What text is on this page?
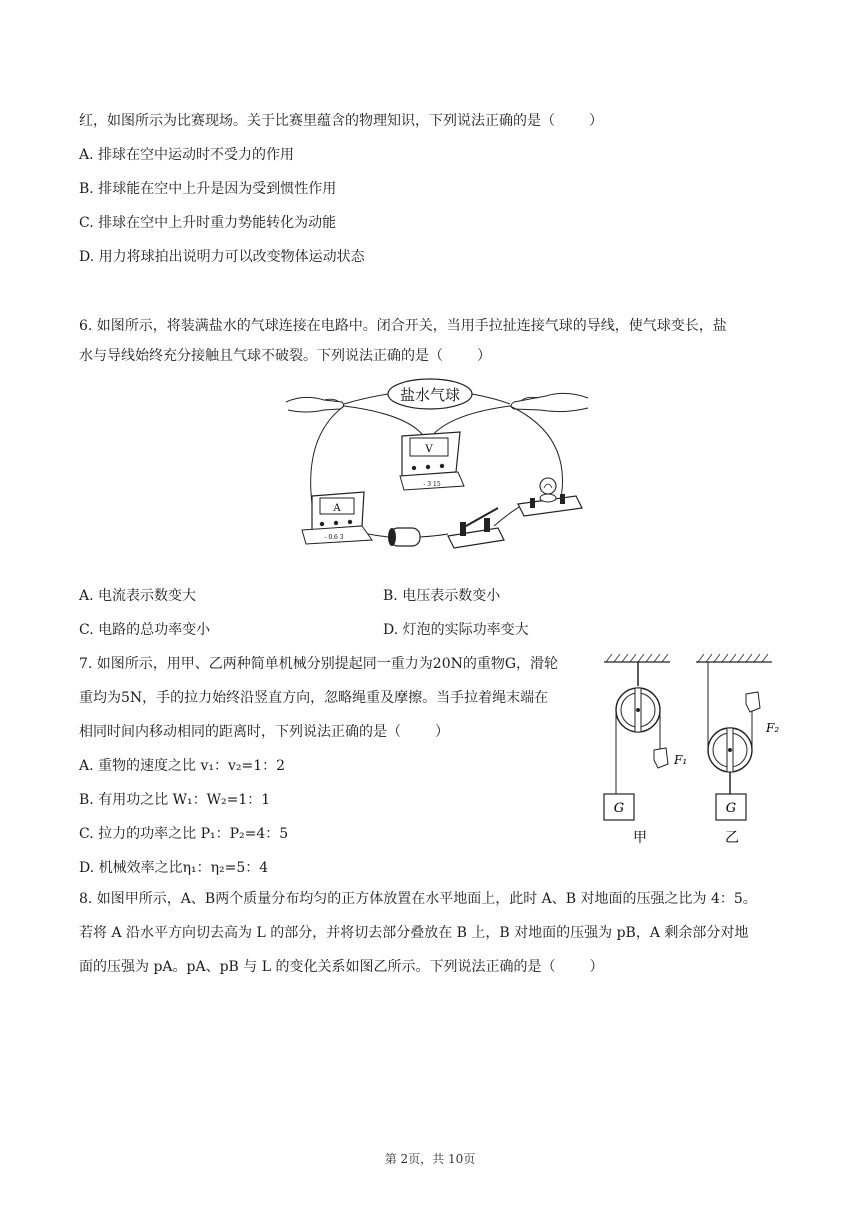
红，如图所示为比赛现场。关于比赛里蕴含的物理知识，下列说法正确的是（ ）
A. 排球在空中运动时不受力的作用
B. 排球能在空中上升是因为受到惯性作用
C. 排球在空中上升时重力势能转化为动能
D. 用力将球拍出说明力可以改变物体运动状态
6. 如图所示，将装满盐水的气球连接在电路中。闭合开关，当用手拉扯连接气球的导线，使气球变长，盐
水与导线始终充分接触且气球不破裂。下列说法正确的是（ ）
盐水气球
V
- 3 15
A
- 0.6 3
A. 电流表示数变大	B. 电压表示数变小
C. 电路的总功率变小	D. 灯泡的实际功率变大
7. 如图所示，用甲、乙两种简单机械分别提起同一重力为20N的重物G，滑轮
重均为5N，手的拉力始终沿竖直方向，忽略绳重及摩擦。当手拉着绳末端在
相同时间内移动相同的距离时，下列说法正确的是（ ）
A. 重物的速度之比 v₁：v₂=1：2
B. 有用功之比 W₁：W₂=1：1
C. 拉力的功率之比 P₁：P₂=4：5
D. 机械效率之比η₁：η₂=5：4
F₁
G
甲
F₂
G
乙
8. 如图甲所示，A、B两个质量分布均匀的正方体放置在水平地面上，此时 A、B 对地面的压强之比为 4：5。
若将 A 沿水平方向切去高为 L 的部分，并将切去部分叠放在 B 上，B 对地面的压强为 pB，A 剩余部分对地
面的压强为 pA。pA、pB 与 L 的变化关系如图乙所示。下列说法正确的是（ ）
第 2页，共 10页
